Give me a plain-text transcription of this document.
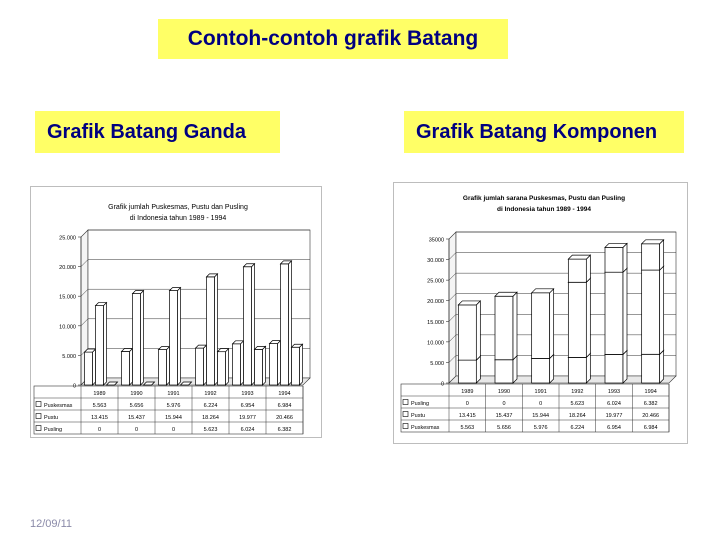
Contoh-contoh grafik Batang
Grafik Batang Ganda	Grafik Batang Komponen
Grafik jumlah Puskesmas, Pustu dan Pusling
di Indonesia tahun 1989 - 1994
0
5.000
10.000
15.000
20.000
25.000
1989	1990	1991	1992	1993	1994
Puskesmas	5.563	5.656	5.976	6.224	6.954	6.984
Pustu	13.415	15.437	15.944	18.264	19.977	20.466
Pusling	0	0	0	5.623	6.024	6.382
Grafik jumlah sarana Puskesmas, Pustu dan Pusling
di Indonesia tahun 1989 - 1994
0
5.000
10.000
15.000
20.000
25.000
30.000
35000
1989	1990	1991	1992	1993	1994
Pusling	0	0	0	5.623	6.024	6.382
Pustu	13.415	15.437	15.944	18.264	19.977	20.466
Puskesmas	5.563	5.656	5.976	6.224	6.954	6.984
12/09/11
